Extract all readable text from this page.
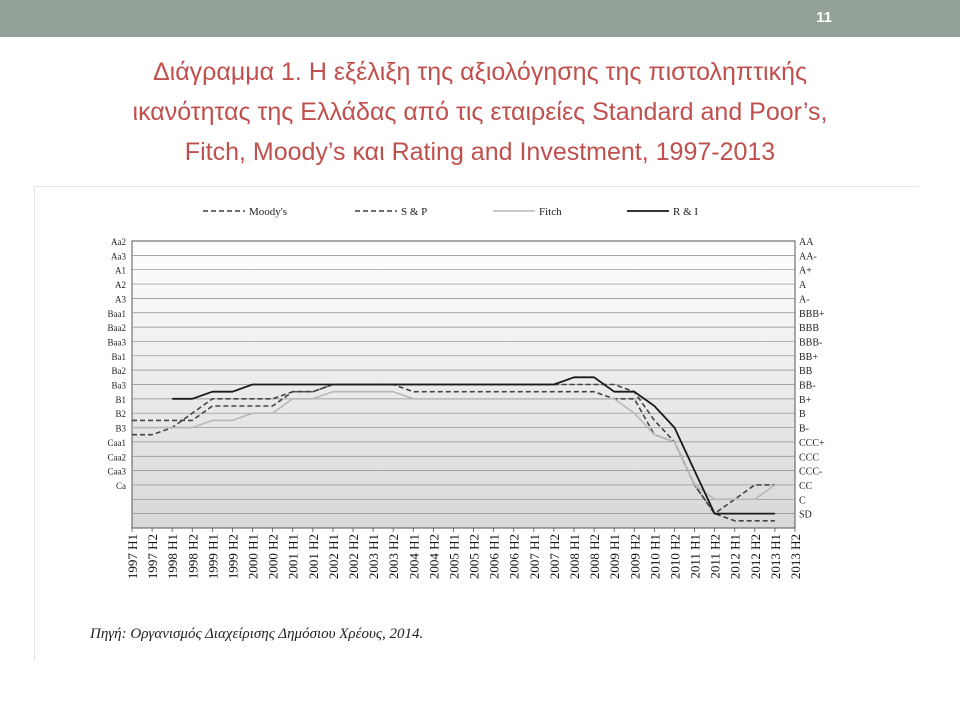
11
Διάγραμμα 1. Η εξέλιξη της αξιολόγησης της πιστοληπτικής
ικανότητας της Ελλάδας από τις εταιρείες Standard and Poor’s,
Fitch, Moody’s και Rating and Investment, 1997-2013
Moody's	S & P	Fitch	R & I
Aa2
Aa3
A1
A2
A3
Baa1
Baa2
Baa3
Ba1
Ba2
Ba3
B1
B2
B3
Caa1
Caa2
Caa3
Ca
AA
AA-
A+
A
A-
BBB+
BBB
BBB-
BB+
BB
BB-
B+
B
B-
CCC+
CCC
CCC-
CC
C
SD
1997 H1 1997 H2 1998 H1 1998 H2 1999 H1 1999 H2 2000 H1 2000 H2 2001 H1 2001 H2 2002 H1 2002 H2 2003 H1 2003 H2 2004 H1 2004 H2 2005 H1 2005 H2 2006 H1 2006 H2 2007 H1 2007 H2 2008 H1 2008 H2 2009 H1 2009 H2 2010 H1 2010 H2 2011 H1 2011 H2 2012 H1 2012 H2 2013 H1 2013 H2
Πηγή: Οργανισμός Διαχείρισης Δημόσιου Χρέους, 2014.
